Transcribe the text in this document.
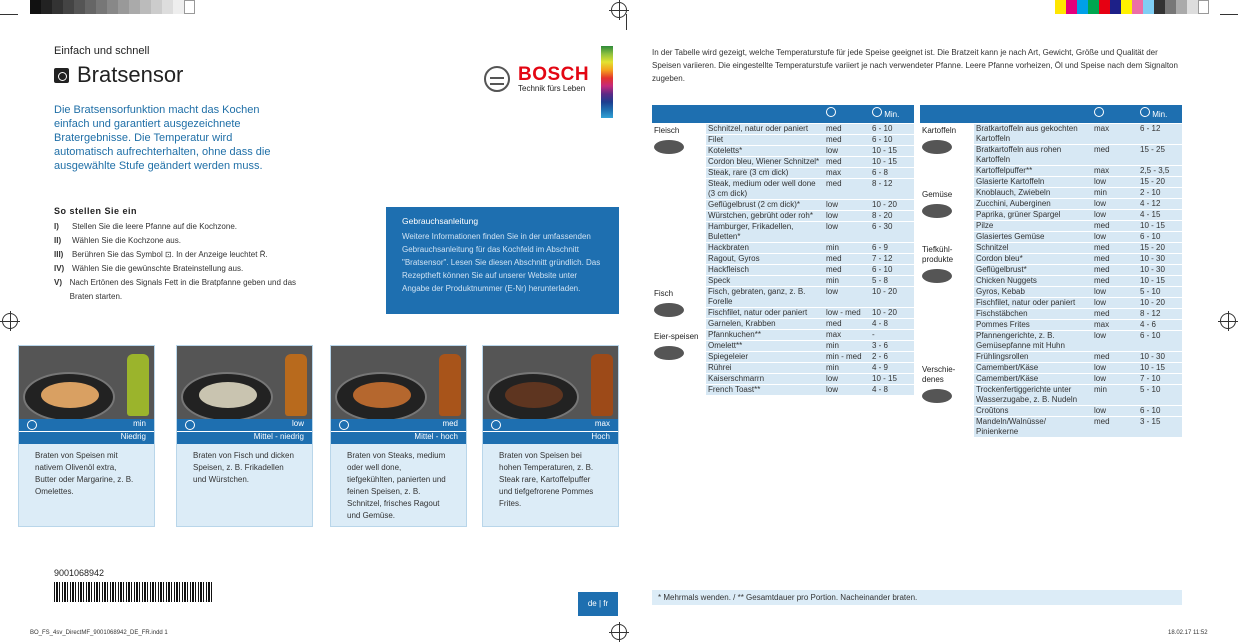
Einfach und schnell
Bratsensor	BOSCH
Technik fürs Leben
Die Bratsensorfunktion macht das Kochen einfach und garantiert ausgezeichnete Bratergebnisse. Die Temperatur wird automatisch aufrechterhalten, ohne dass die ausgewählte Stufe geändert werden muss.
So stellen Sie ein
I)	Stellen Sie die leere Pfanne auf die Kochzone.
II)	Wählen Sie die Kochzone aus.
III)	Berühren Sie das Symbol ⊡. In der Anzeige leuchtet R̄.
IV) Wählen Sie die gewünschte Brateinstellung aus.
V) Nach Ertönen des Signals Fett in die Bratpfanne geben und das Braten starten.
Gebrauchsanleitung
Weitere Informationen finden Sie in der umfassenden Gebrauchsanleitung für das Kochfeld im Abschnitt "Bratsensor". Lesen Sie diesen Abschnitt gründlich. Das Rezeptheft können Sie auf unserer Website unter Angabe der Produktnummer (E-Nr) herunterladen.
min
Niedrig
Braten von Speisen mit nativem Olivenöl extra, Butter oder Margarine, z. B. Omelettes.
low
Mittel - niedrig
Braten von Fisch und dicken Speisen, z. B. Frikadellen und Würstchen.
med
Mittel - hoch
Braten von Steaks, medium oder well done, tiefgekühlten, panierten und feinen Speisen, z. B. Schnitzel, frisches Ragout und Gemüse.
max
Hoch
Braten von Speisen bei hohen Temperaturen, z. B. Steak rare, Kartoffelpuffer und tiefgefrorene Pommes Frites.
9001068942
de | fr
BO_FS_4sv_DirectMF_9001068942_DE_FR.indd 1	18.02.17 11:52
In der Tabelle wird gezeigt, welche Temperaturstufe für jede Speise geeignet ist. Die Bratzeit kann je nach Art, Gewicht, Größe und Qualität der Speisen variieren. Die eingestellte Temperaturstufe variiert je nach verwendeter Pfanne. Leere Pfanne vorheizen, Öl und Speise nach dem Signalton zugeben.
			Min.

Fleisch	Schnitzel, natur oder paniert	med	6 - 10
	Filet	med	6 - 10
	Koteletts*	low	10 - 15
	Cordon bleu, Wiener Schnitzel*	med	10 - 15
	Steak, rare (3 cm dick)	max	6 - 8
	Steak, medium oder well done (3 cm dick)	med	8 - 12
	Geflügelbrust (2 cm dick)*	low	10 - 20
	Würstchen, gebrüht oder roh*	low	8 - 20
	Hamburger, Frikadellen, Buletten*	low	6 - 30
	Hackbraten	min	6 - 9
	Ragout, Gyros	med	7 - 12
	Hackfleisch	med	6 - 10
	Speck	min	5 - 8

Fisch	Fisch, gebraten, ganz, z. B. Forelle	low	10 - 20
	Fischfilet, natur oder paniert	low - med	10 - 20
	Garnelen, Krabben	med	4 - 8

Eier-speisen	Pfannkuchen**	max	-
	Omelett**	min	3 - 6
	Spiegeleier	min - med	2 - 6
	Rührei	min	4 - 9
	Kaiserschmarrn	low	10 - 15
	French Toast**	low	4 - 8
			Min.

Kartoffeln	Bratkartoffeln aus gekochten Kartoffeln	max	6 - 12
	Bratkartoffeln aus rohen Kartoffeln	med	15 - 25
	Kartoffelpuffer**	max	2,5 - 3,5
	Glasierte Kartoffeln	low	15 - 20

Gemüse	Knoblauch, Zwiebeln	min	2 - 10
	Zucchini, Auberginen	low	4 - 12
	Paprika, grüner Spargel	low	4 - 15
	Pilze	med	10 - 15
	Glasiertes Gemüse	low	6 - 10

Tiefkühl-produkte	Schnitzel	med	15 - 20
	Cordon bleu*	med	10 - 30
	Geflügelbrust*	med	10 - 30
	Chicken Nuggets	med	10 - 15
	Gyros, Kebab	low	5 - 10
	Fischfilet, natur oder paniert	low	10 - 20
	Fischstäbchen	med	8 - 12
	Pommes Frites	max	4 - 6
	Pfannengerichte, z. B. Gemüsepfanne mit Huhn	low	6 - 10
	Frühlingsrollen	med	10 - 30

Verschie-denes	Camembert/Käse	low	10 - 15
	Camembert/Käse	low	7 - 10
	Trockenfertiggerichte unter Wasserzugabe, z. B. Nudeln	min	5 - 10
	Croûtons	low	6 - 10
	Mandeln/Walnüsse/ Pinienkerne	med	3 - 15
* Mehrmals wenden. / ** Gesamtdauer pro Portion. Nacheinander braten.
